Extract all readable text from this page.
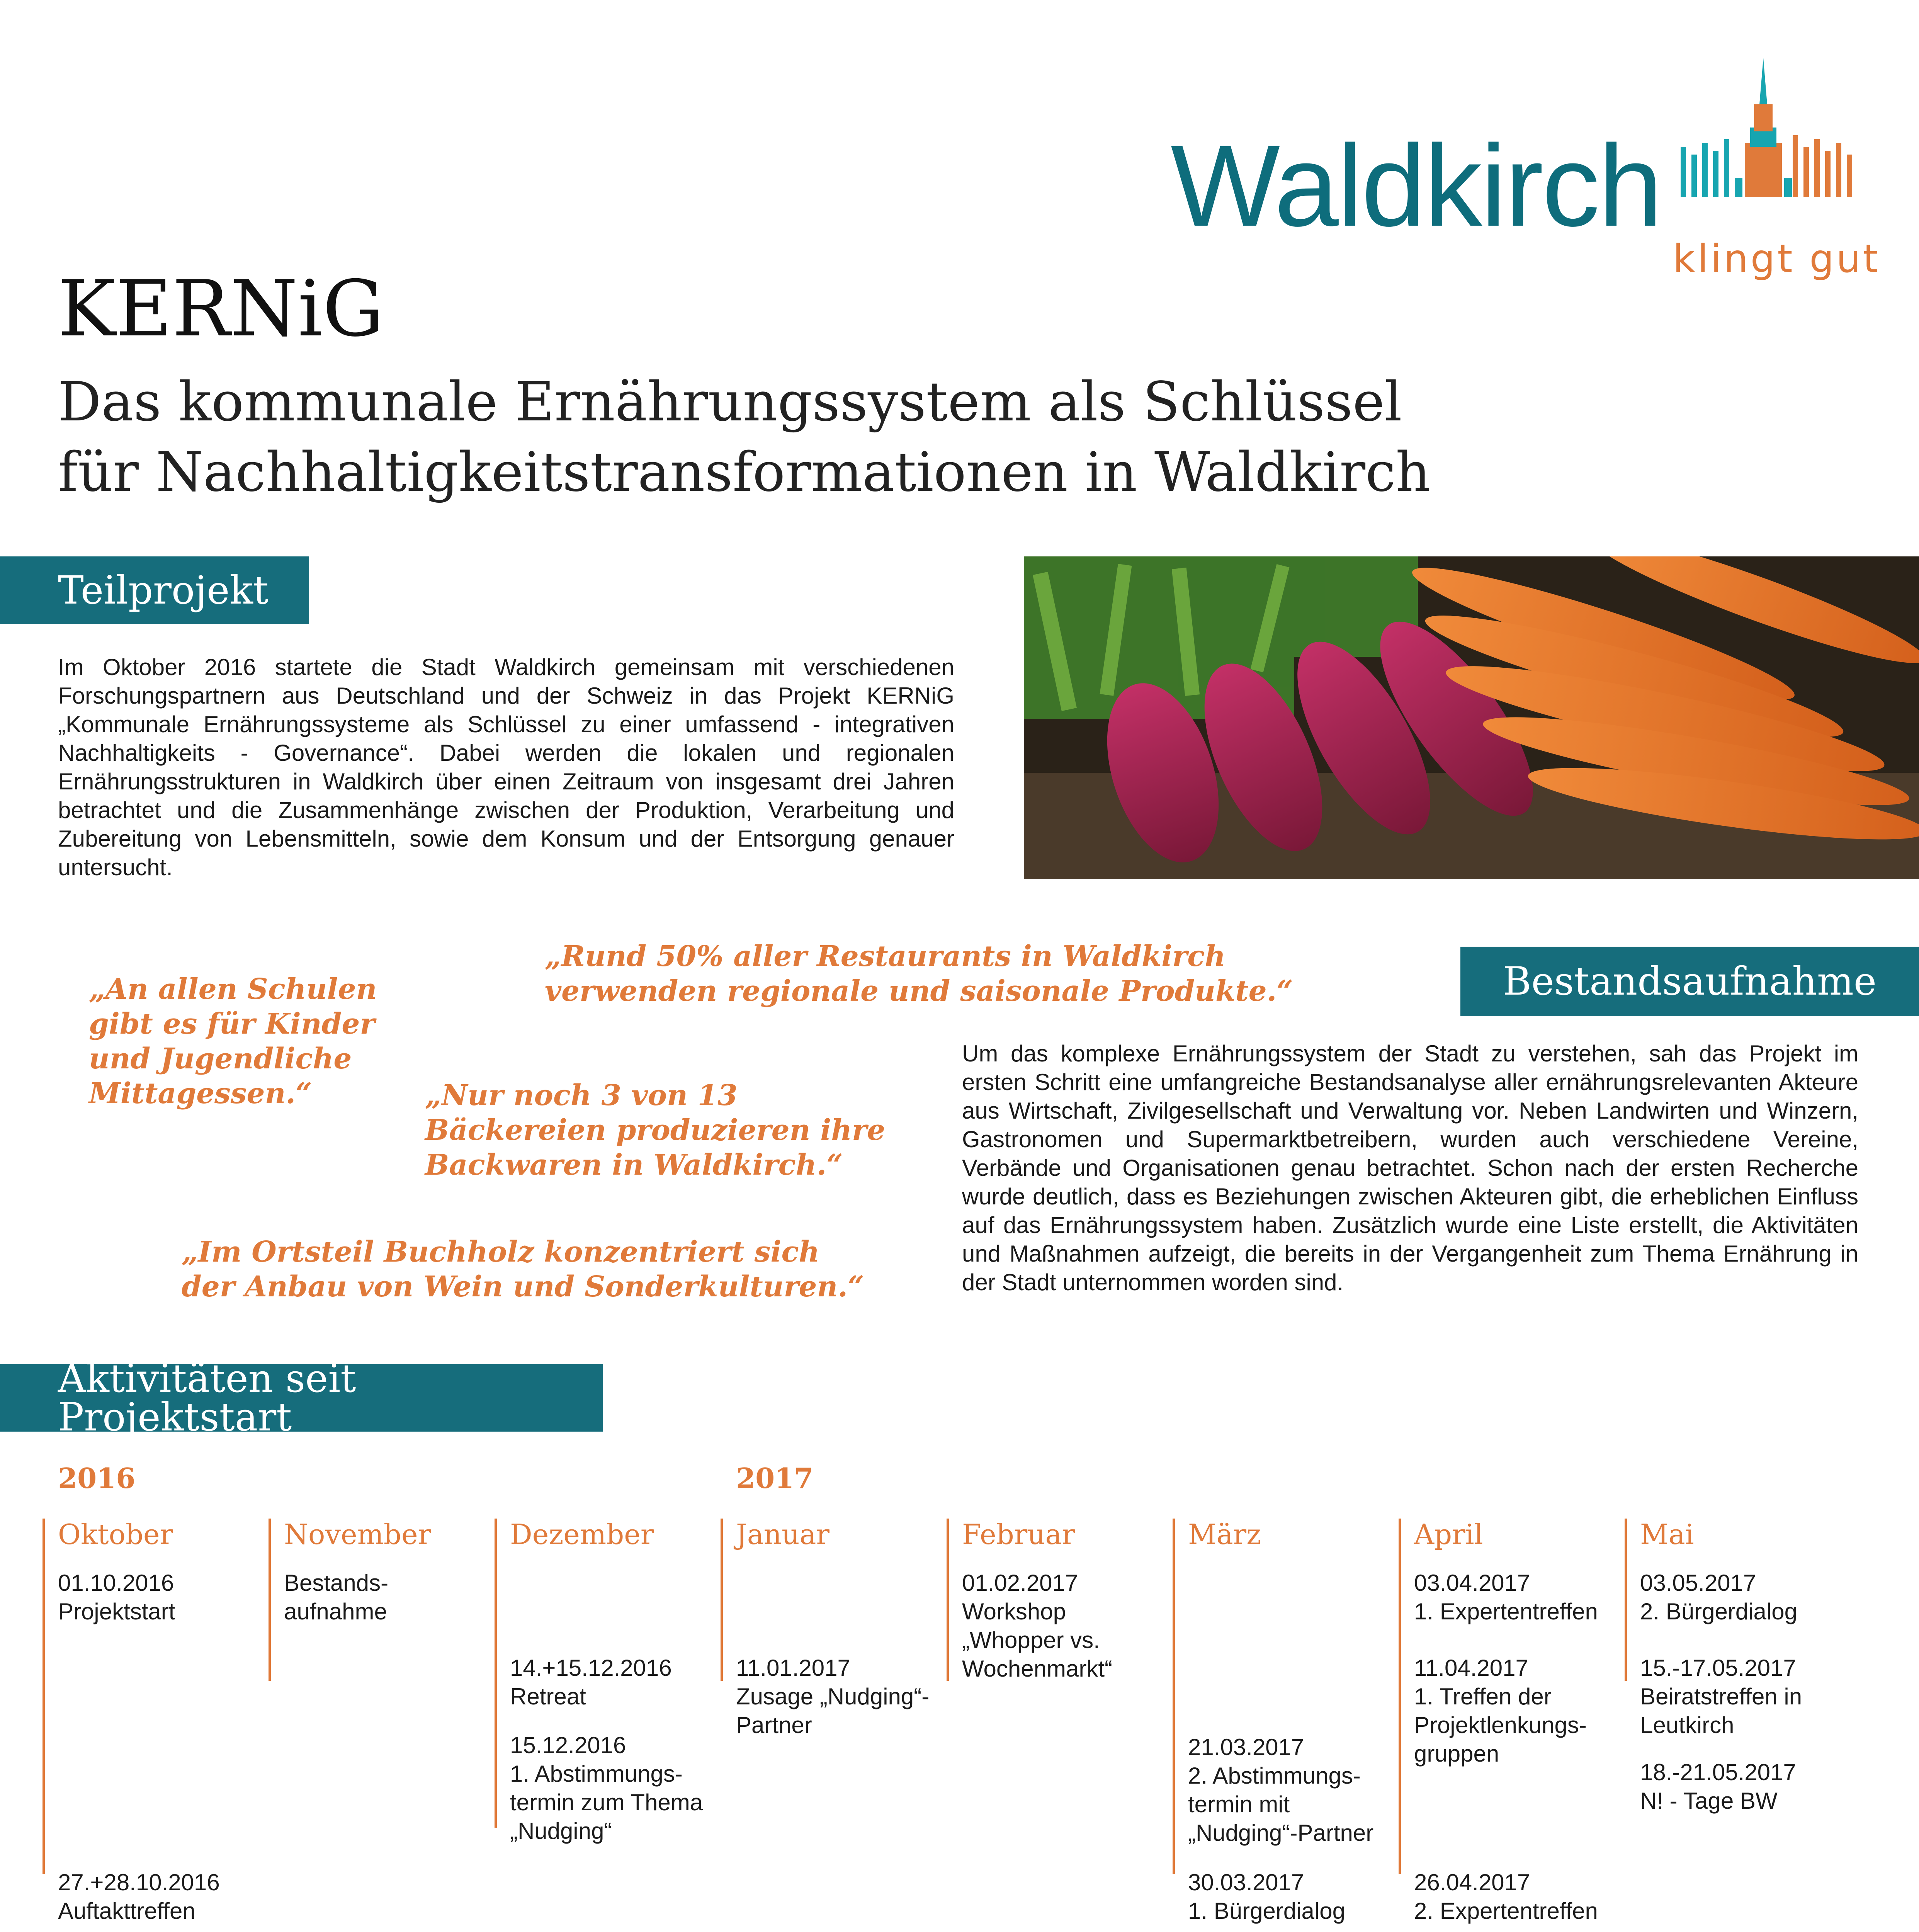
Waldkirch
klingt gut
KERNiG
Das kommunale Ernährungssystem als Schlüssel für Nachhaltigkeitstransformationen in Waldkirch
Teilprojekt
Im Oktober 2016 startete die Stadt Waldkirch gemeinsam mit verschiedenen Forschungspartnern aus Deutschland und der Schweiz in das Projekt KERNiG „Kommunale Ernährungssysteme als Schlüssel zu einer umfassend - integrativen Nachhaltigkeits - Governance“. Dabei werden die lokalen und regionalen Ernährungsstrukturen in Waldkirch über einen Zeitraum von insgesamt drei Jahren betrachtet und die Zusammenhänge zwischen der Produktion, Verarbeitung und Zubereitung von Lebensmitteln, sowie dem Konsum und der Entsorgung genauer untersucht.
„An allen Schulen gibt es für Kinder und Jugendliche Mittagessen.“
„Rund 50% aller Restaurants in Waldkirch verwenden regionale und saisonale Produkte.“
„Nur noch 3 von 13 Bäckereien produzieren ihre Backwaren in Waldkirch.“
„Im Ortsteil Buchholz konzentriert sich der Anbau von Wein und Sonderkulturen.“
Bestandsaufnahme
Um das komplexe Ernährungssystem der Stadt zu verstehen, sah das Projekt im ersten Schritt eine umfangreiche Bestandsanalyse aller ernährungsrelevanten Akteure aus Wirtschaft, Zivilgesellschaft und Verwaltung vor. Neben Landwirten und Winzern, Gastronomen und Supermarktbetreibern, wurden auch verschiedene Vereine, Verbände und Organisationen genau betrachtet. Schon nach der ersten Recherche wurde deutlich, dass es Beziehungen zwischen Akteuren gibt, die erheblichen Einfluss auf das Ernährungssystem haben. Zusätzlich wurde eine Liste erstellt, die Aktivitäten und Maßnahmen aufzeigt, die bereits in der Vergangenheit zum Thema Ernährung in der Stadt unternommen worden sind.
Aktivitäten seit Projektstart
2016	2017
Oktober
01.10.2016
Projektstart
27.+28.10.2016
Auftakttreffen
November
Bestands-
aufnahme
Dezember
14.+15.12.2016
Retreat
15.12.2016
1. Abstimmungs-
termin zum Thema
„Nudging“
Januar
11.01.2017
Zusage „Nudging“-
Partner
Februar
01.02.2017
Workshop
„Whopper vs.
Wochenmarkt“
März
21.03.2017
2. Abstimmungs-
termin mit
„Nudging“-Partner
30.03.2017
1. Bürgerdialog
April
03.04.2017
1. Expertentreffen
11.04.2017
1. Treffen der
Projektlenkungs-
gruppen
26.04.2017
2. Expertentreffen
Mai
03.05.2017
2. Bürgerdialog
15.-17.05.2017
Beiratstreffen in
Leutkirch
18.-21.05.2017
N! - Tage BW
